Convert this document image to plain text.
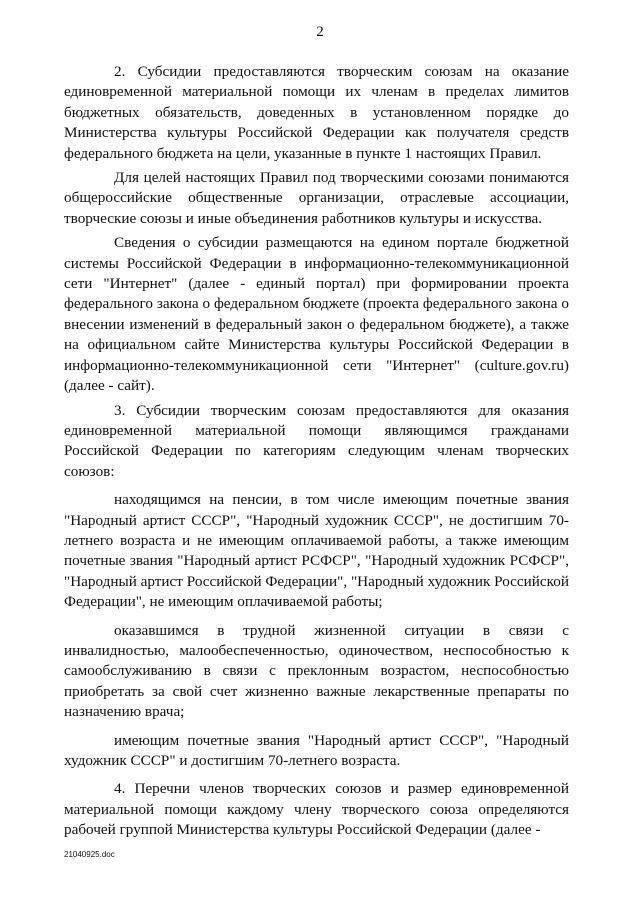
2

2. Субсидии предоставляются творческим союзам на оказание единовременной материальной помощи их членам в пределах лимитов бюджетных обязательств, доведенных в установленном порядке до Министерства культуры Российской Федерации как получателя средств федерального бюджета на цели, указанные в пункте 1 настоящих Правил.

Для целей настоящих Правил под творческими союзами понимаются общероссийские общественные организации, отраслевые ассоциации, творческие союзы и иные объединения работников культуры и искусства.

Сведения о субсидии размещаются на едином портале бюджетной системы Российской Федерации в информационно-телекоммуникационной сети "Интернет" (далее - единый портал) при формировании проекта федерального закона о федеральном бюджете (проекта федерального закона о внесении изменений в федеральный закон о федеральном бюджете), а также на официальном сайте Министерства культуры Российской Федерации в информационно-телекоммуникационной сети "Интернет" (culture.gov.ru) (далее - сайт).

3. Субсидии творческим союзам предоставляются для оказания единовременной материальной помощи являющимся гражданами Российской Федерации по категориям следующим членам творческих союзов:

находящимся на пенсии, в том числе имеющим почетные звания "Народный артист СССР", "Народный художник СССР", не достигшим 70-летнего возраста и не имеющим оплачиваемой работы, а также имеющим почетные звания "Народный артист РСФСР", "Народный художник РСФСР", "Народный артист Российской Федерации", "Народный художник Российской Федерации", не имеющим оплачиваемой работы;

оказавшимся в трудной жизненной ситуации в связи с инвалидностью, малообеспеченностью, одиночеством, неспособностью к самообслуживанию в связи с преклонным возрастом, неспособностью приобретать за свой счет жизненно важные лекарственные препараты по назначению врача;

имеющим почетные звания "Народный артист СССР", "Народный художник СССР" и достигшим 70-летнего возраста.

4. Перечни членов творческих союзов и размер единовременной материальной помощи каждому члену творческого союза определяются рабочей группой Министерства культуры Российской Федерации (далее -

21040925.doc
